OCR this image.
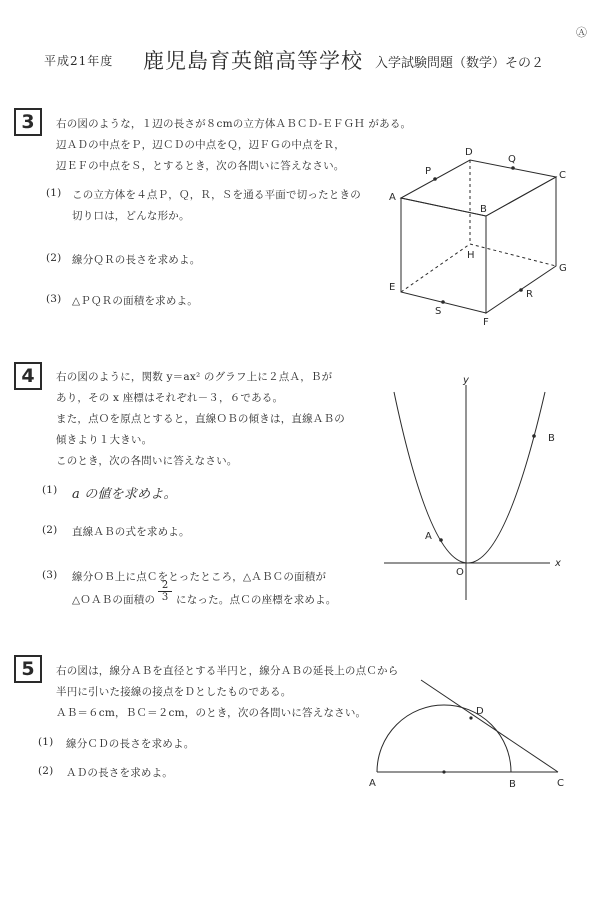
Ⓐ
平成21年度 鹿児島育英館高等学校 入学試験問題（数学）その２
3	右の図のような，１辺の長さが８cmの立方体ＡＢＣＤ‑ＥＦＧＨ がある。
辺ＡＤの中点をＰ，辺ＣＤの中点をＱ，辺ＦＧの中点をＲ，
辺ＥＦの中点をＳ，とするとき，次の各問いに答えなさい。
(1) この立方体を４点Ｐ，Ｑ，Ｒ，Ｓを通る平面で切ったときの
切り口は，どんな形か。
(2) 線分ＱＲの長さを求めよ。
(3) △ＰＱＲの面積を求めよ。
4	右の図のように，関数 y＝ax² のグラフ上に２点Ａ，Ｂが
あり，その x 座標はそれぞれ－３，６である。
また，点Ｏを原点とすると，直線ＯＢの傾きは，直線ＡＢの
傾きより１大きい。
このとき，次の各問いに答えなさい。
(1) a の値を求めよ。
(2) 直線ＡＢの式を求めよ。
(3) 線分ＯＢ上に点Ｃをとったところ，△ＡＢＣの面積が
△ＯＡＢの面積の
2
3 になった。点Ｃの座標を求めよ。
5	右の図は，線分ＡＢを直径とする半円と，線分ＡＢの延長上の点Ｃから
半円に引いた接線の接点をＤとしたものである。
ＡＢ＝６cm，ＢＣ＝２cm，のとき，次の各問いに答えなさい。
(1) 線分ＣＤの長さを求めよ。
(2) ＡＤの長さを求めよ。
A
B
C
D
E
F
G
H
P
Q
R
S
y
x
O
A
B
A	B	C
D
